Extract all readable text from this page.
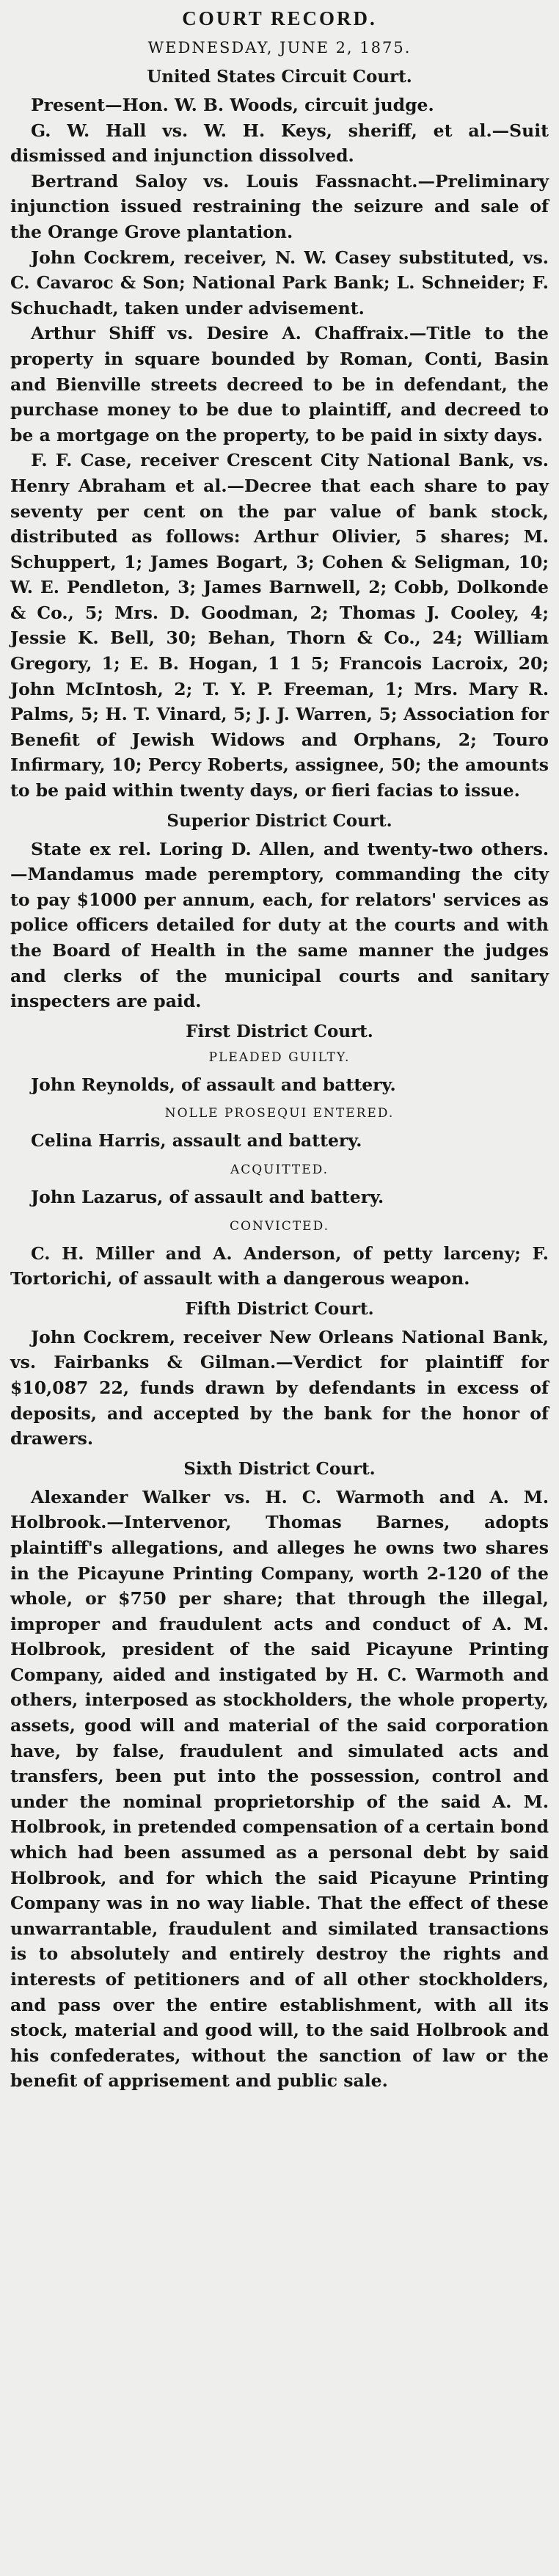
COURT RECORD.
WEDNESDAY, JUNE 2, 1875.
United States Circuit Court.

Present—Hon. W. B. Woods, circuit judge.

G. W. Hall vs. W. H. Keys, sheriff, et al.—Suit dismissed and injunction dissolved.

Bertrand Saloy vs. Louis Fassnacht.—Preliminary injunction issued restraining the seizure and sale of the Orange Grove plantation.

John Cockrem, receiver, N. W. Casey substituted, vs. C. Cavaroc & Son; National Park Bank; L. Schneider; F. Schuchadt, taken under advisement.

Arthur Shiff vs. Desire A. Chaffraix.—Title to the property in square bounded by Roman, Conti, Basin and Bienville streets decreed to be in defendant, the purchase money to be due to plaintiff, and decreed to be a mortgage on the property, to be paid in sixty days.

F. F. Case, receiver Crescent City National Bank, vs. Henry Abraham et al.—Decree that each share to pay seventy per cent on the par value of bank stock, distributed as follows: Arthur Olivier, 5 shares; M. Schuppert, 1; James Bogart, 3; Cohen & Seligman, 10; W. E. Pendleton, 3; James Barnwell, 2; Cobb, Dolkonde & Co., 5; Mrs. D. Goodman, 2; Thomas J. Cooley, 4; Jessie K. Bell, 30; Behan, Thorn & Co., 24; William Gregory, 1; E. B. Hogan, 1 1 5; Francois Lacroix, 20; John McIntosh, 2; T. Y. P. Freeman, 1; Mrs. Mary R. Palms, 5; H. T. Vinard, 5; J. J. Warren, 5; Association for Benefit of Jewish Widows and Orphans, 2; Touro Infirmary, 10; Percy Roberts, assignee, 50; the amounts to be paid within twenty days, or fieri facias to issue.

Superior District Court.

State ex rel. Loring D. Allen, and twenty-two others.—Mandamus made peremptory, commanding the city to pay $1000 per annum, each, for relators' services as police officers detailed for duty at the courts and with the Board of Health in the same manner the judges and clerks of the municipal courts and sanitary inspecters are paid.

First District Court.
PLEADED GUILTY.

John Reynolds, of assault and battery.

NOLLE PROSEQUI ENTERED.

Celina Harris, assault and battery.

ACQUITTED.

John Lazarus, of assault and battery.

CONVICTED.

C. H. Miller and A. Anderson, of petty larceny; F. Tortorichi, of assault with a dangerous weapon.

Fifth District Court.

John Cockrem, receiver New Orleans National Bank, vs. Fairbanks & Gilman.—Verdict for plaintiff for $10,087 22, funds drawn by defendants in excess of deposits, and accepted by the bank for the honor of drawers.

Sixth District Court.

Alexander Walker vs. H. C. Warmoth and A. M. Holbrook.—Intervenor, Thomas Barnes, adopts plaintiff's allegations, and alleges he owns two shares in the Picayune Printing Company, worth 2-120 of the whole, or $750 per share; that through the illegal, improper and fraudulent acts and conduct of A. M. Holbrook, president of the said Picayune Printing Company, aided and instigated by H. C. Warmoth and others, interposed as stockholders, the whole property, assets, good will and material of the said corporation have, by false, fraudulent and simulated acts and transfers, been put into the possession, control and under the nominal proprietorship of the said A. M. Holbrook, in pretended compensation of a certain bond which had been assumed as a personal debt by said Holbrook, and for which the said Picayune Printing Company was in no way liable. That the effect of these unwarrantable, fraudulent and similated transactions is to absolutely and entirely destroy the rights and interests of petitioners and of all other stockholders, and pass over the entire establishment, with all its stock, material and good will, to the said Holbrook and his confederates, without the sanction of law or the benefit of apprisement and public sale.
